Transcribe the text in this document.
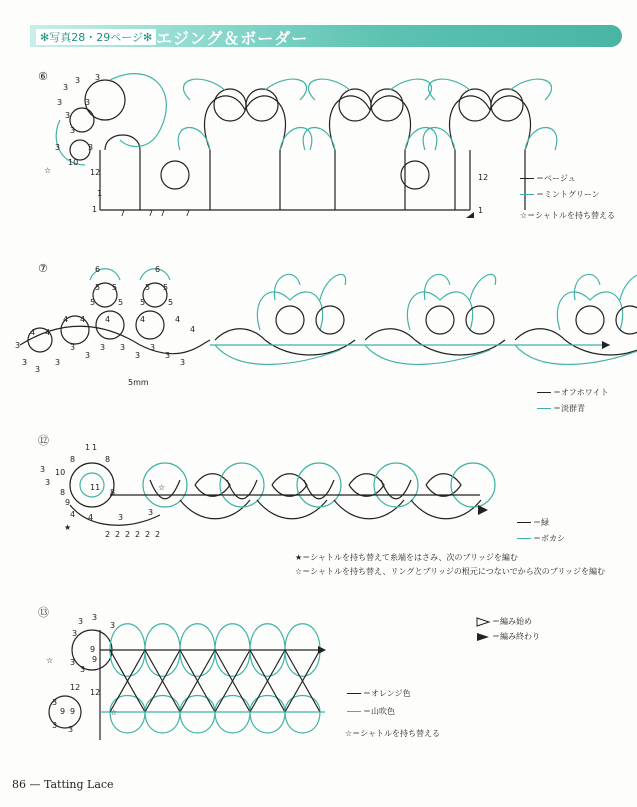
✻写真28・29ページ✻ エジング＆ボーダー
⑥
3
3 3
3
3
3
3
3	3
10
12
1
1	7	7 7 7
12
1
☆
＝ベージュ
＝ミントグリーン
☆＝シャトルを持ち替える
⑦	6	6
5 5	5 5
5	5 5	5
4 4 4	4	4
4
4 4
3
3
3
3
3
3 3
3
3
3
3
3
5mm
＝オフホワイト
＝淡群青
⑫
1 1
8	8
10
11
8	8
9
4
3
3
4	3
3
2 2 2 2 2 2
★
☆
＝緑
＝ボカシ
★＝シャトルを持ち替えて糸端をはさみ、次のブリッジを編む
☆＝シャトルを持ち替え、リングとブリッジの根元につないでから次のブリッジを編む
⑬
3 3
3
3
9
9
3
3
12
12
3
9 9
3 3
☆
☆
＝編み始め
＝編み終わり
＝オレンジ色
＝山吹色
☆＝シャトルを持ち替える
86 — Tatting Lace
